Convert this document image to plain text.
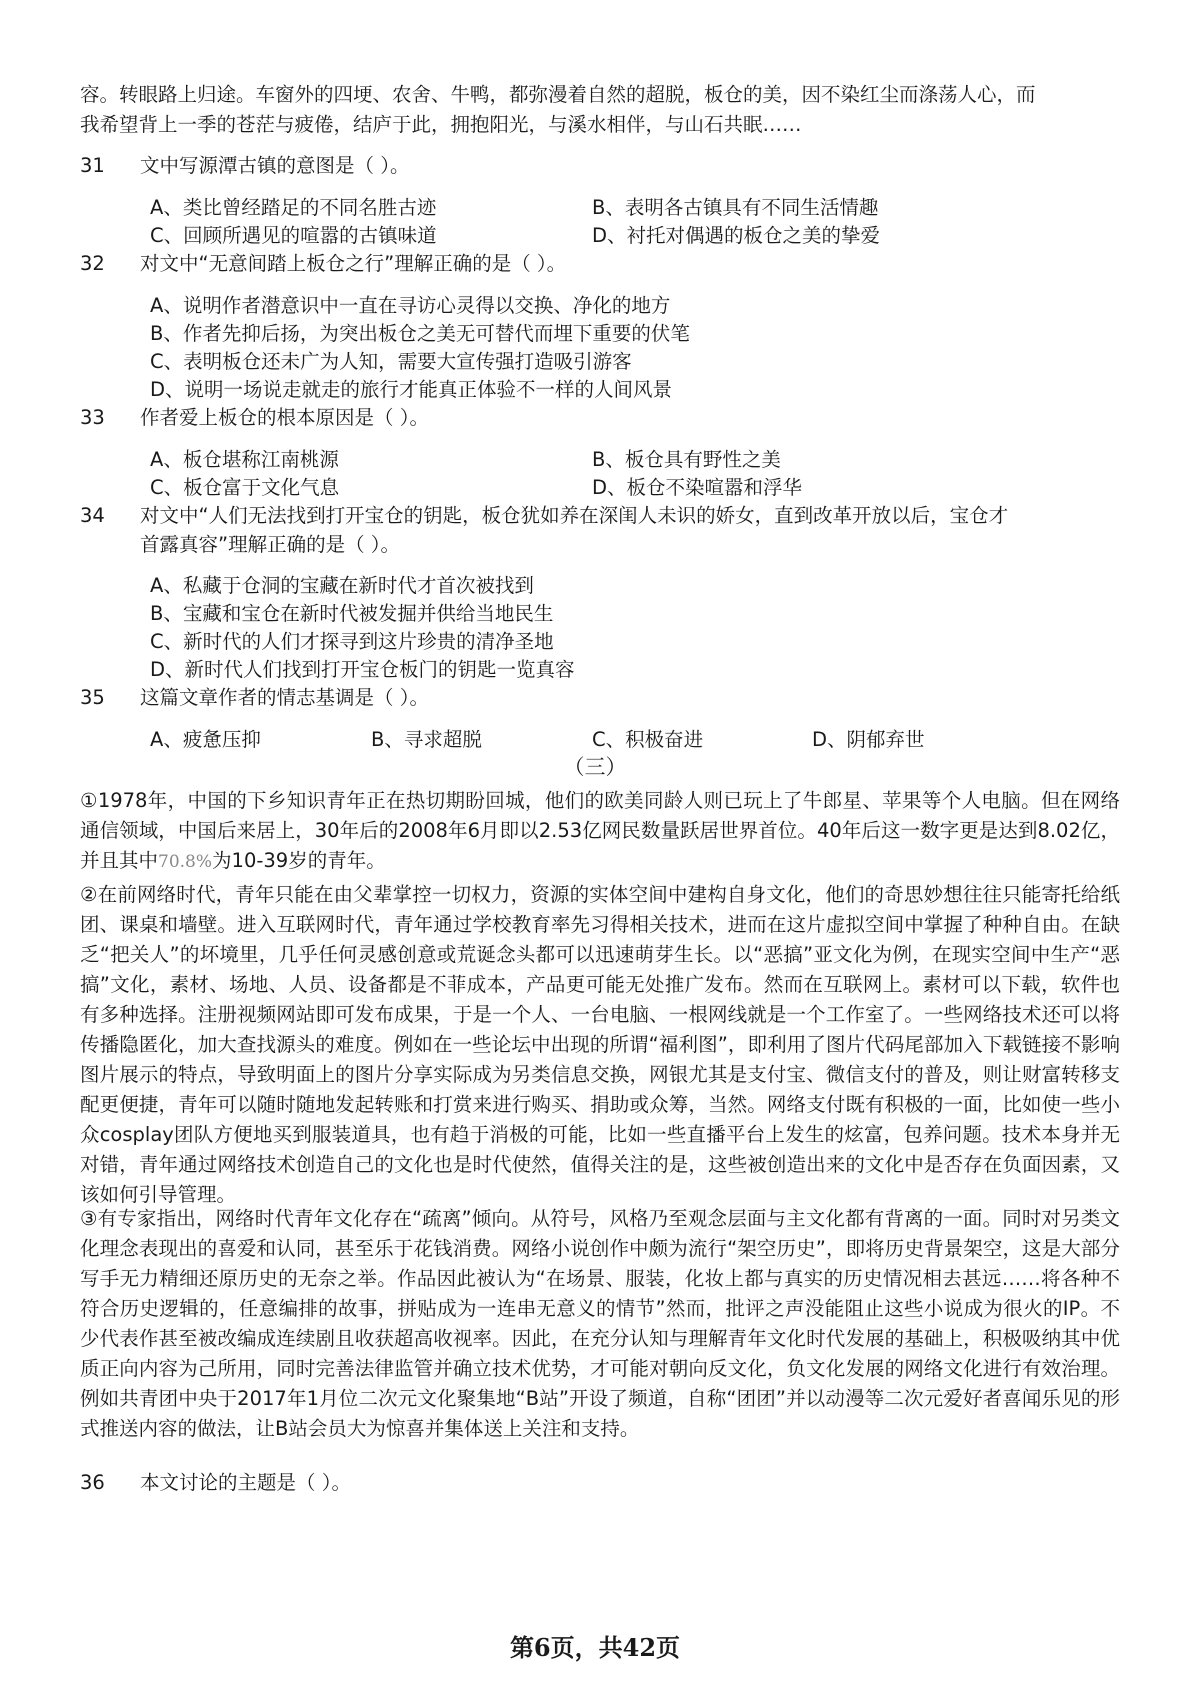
容。转眼路上归途。车窗外的四埂、农舍、牛鸭，都弥漫着自然的超脱，板仓的美，因不染红尘而涤荡人心，而
我希望背上一季的苍茫与疲倦，结庐于此，拥抱阳光，与溪水相伴，与山石共眠……
31 文中写源潭古镇的意图是（ ）。
A、类比曾经踏足的不同名胜古迹	B、表明各古镇具有不同生活情趣
C、回顾所遇见的喧嚣的古镇味道	D、衬托对偶遇的板仓之美的挚爱
32 对文中“无意间踏上板仓之行”理解正确的是（ ）。
A、说明作者潜意识中一直在寻访心灵得以交换、净化的地方
B、作者先抑后扬，为突出板仓之美无可替代而埋下重要的伏笔
C、表明板仓还未广为人知，需要大宣传强打造吸引游客
D、说明一场说走就走的旅行才能真正体验不一样的人间风景
33 作者爱上板仓的根本原因是（ ）。
A、板仓堪称江南桃源	B、板仓具有野性之美
C、板仓富于文化气息	D、板仓不染喧嚣和浮华
34 对文中“人们无法找到打开宝仓的钥匙，板仓犹如养在深闺人未识的娇女，直到改革开放以后，宝仓才
首露真容”理解正确的是（ ）。
A、私藏于仓洞的宝藏在新时代才首次被找到
B、宝藏和宝仓在新时代被发掘并供给当地民生
C、新时代的人们才探寻到这片珍贵的清净圣地
D、新时代人们找到打开宝仓板门的钥匙一览真容
35 这篇文章作者的情志基调是（ ）。
A、疲惫压抑	B、寻求超脱	C、积极奋进	D、阴郁弃世
（三）
①1978年，中国的下乡知识青年正在热切期盼回城，他们的欧美同龄人则已玩上了牛郎星、苹果等个人电脑。但在网络通信领域，中国后来居上，30年后的2008年6月即以2.53亿网民数量跃居世界首位。40年后这一数字更是达到8.02亿，并且其中70.8%为10-39岁的青年。
②在前网络时代，青年只能在由父辈掌控一切权力，资源的实体空间中建构自身文化，他们的奇思妙想往往只能寄托给纸团、课桌和墙壁。进入互联网时代，青年通过学校教育率先习得相关技术，进而在这片虚拟空间中掌握了种种自由。在缺乏“把关人”的坏境里，几乎任何灵感创意或荒诞念头都可以迅速萌芽生长。以“恶搞”亚文化为例，在现实空间中生产“恶搞”文化，素材、场地、人员、设备都是不菲成本，产品更可能无处推广发布。然而在互联网上。素材可以下载，软件也有多种选择。注册视频网站即可发布成果，于是一个人、一台电脑、一根网线就是一个工作室了。一些网络技术还可以将传播隐匿化，加大查找源头的难度。例如在一些论坛中出现的所谓“福利图”，即利用了图片代码尾部加入下载链接不影响图片展示的特点，导致明面上的图片分享实际成为另类信息交换，网银尤其是支付宝、微信支付的普及，则让财富转移支配更便捷，青年可以随时随地发起转账和打赏来进行购买、捐助或众筹，当然。网络支付既有积极的一面，比如使一些小众cosplay团队方便地买到服装道具，也有趋于消极的可能，比如一些直播平台上发生的炫富，包养问题。技术本身并无对错，青年通过网络技术创造自己的文化也是时代使然，值得关注的是，这些被创造出来的文化中是否存在负面因素，又该如何引导管理。
③有专家指出，网络时代青年文化存在“疏离”倾向。从符号，风格乃至观念层面与主文化都有背离的一面。同时对另类文化理念表现出的喜爱和认同，甚至乐于花钱消费。网络小说创作中颇为流行“架空历史”，即将历史背景架空，这是大部分写手无力精细还原历史的无奈之举。作品因此被认为“在场景、服装，化妆上都与真实的历史情况相去甚远……将各种不符合历史逻辑的，任意编排的故事，拼贴成为一连串无意义的情节”然而，批评之声没能阻止这些小说成为很火的IP。不少代表作甚至被改编成连续剧且收获超高收视率。因此，在充分认知与理解青年文化时代发展的基础上，积极吸纳其中优质正向内容为己所用，同时完善法律监管并确立技术优势，才可能对朝向反文化，负文化发展的网络文化进行有效治理。例如共青团中央于2017年1月位二次元文化聚集地“B站”开设了频道，自称“团团”并以动漫等二次元爱好者喜闻乐见的形式推送内容的做法，让B站会员大为惊喜并集体送上关注和支持。
36 本文讨论的主题是（ ）。
第6页，共42页
